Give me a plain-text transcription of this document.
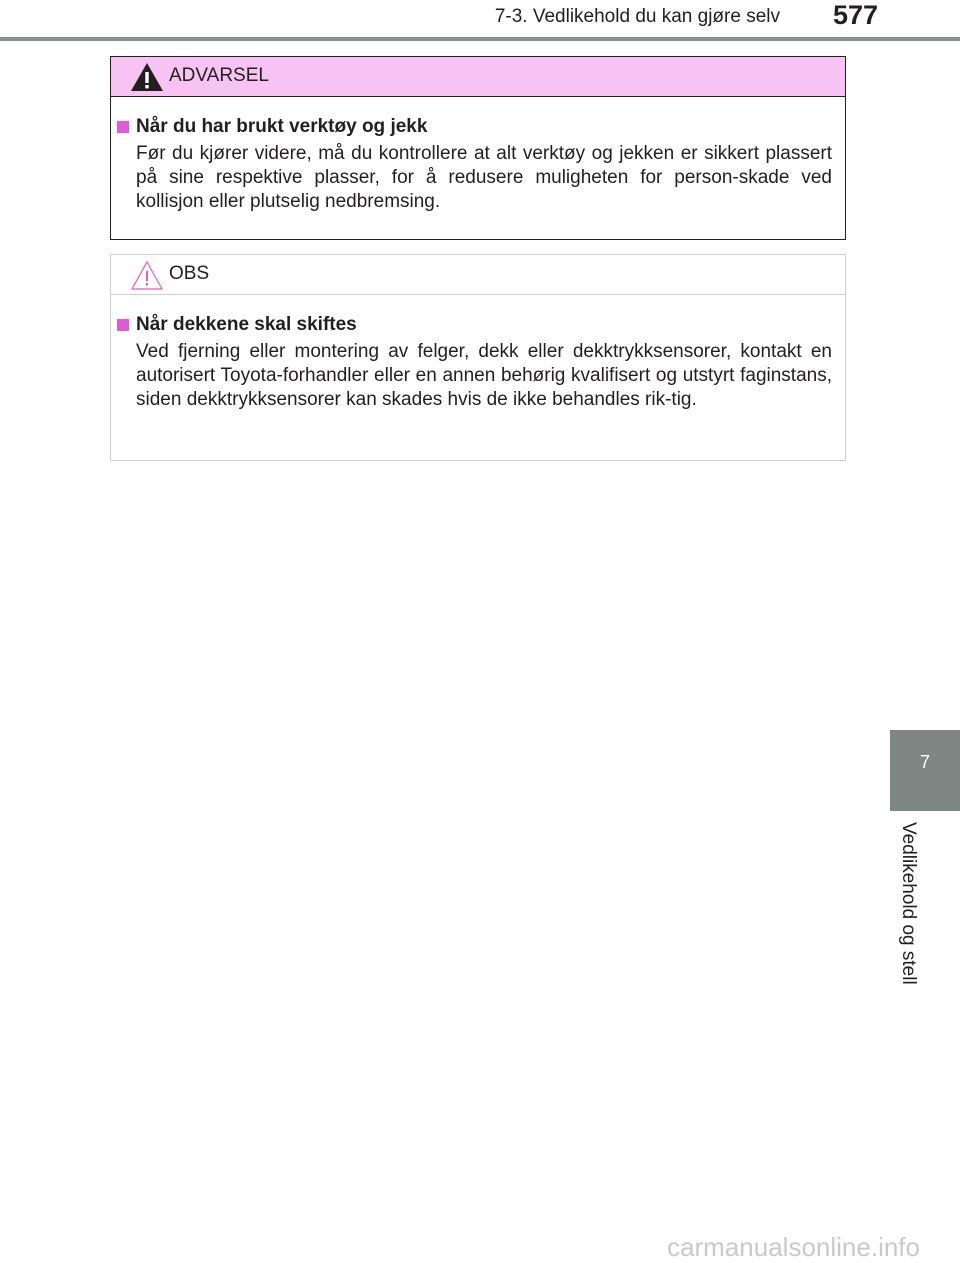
7-3. Vedlikehold du kan gjøre selv 577
ADVARSEL
Når du har brukt verktøy og jekk
Før du kjører videre, må du kontrollere at alt verktøy og jekken er sikkert plassert på sine respektive plasser, for å redusere muligheten for person-skade ved kollisjon eller plutselig nedbremsing.
OBS
Når dekkene skal skiftes
Ved fjerning eller montering av felger, dekk eller dekktrykksensorer, kontakt en autorisert Toyota-forhandler eller en annen behørig kvalifisert og utstyrt faginstans, siden dekktrykksensorer kan skades hvis de ikke behandles rik-tig.
7
Vedlikehold og stell
carmanualsonline.info
